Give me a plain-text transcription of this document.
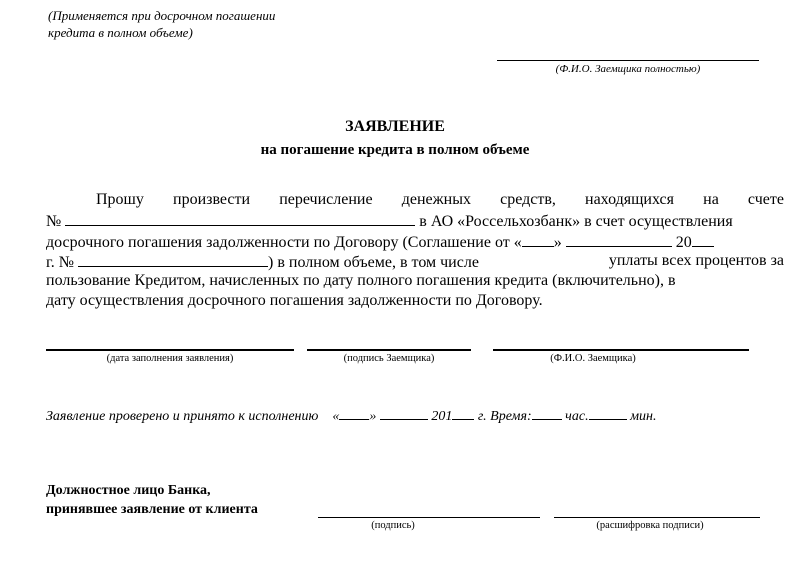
(Применяется при досрочном погашении
кредита в полном объеме)
(Ф.И.О. Заемщика полностью)
ЗАЯВЛЕНИЕ
на погашение кредита в полном объеме
Прошу произвести перечисление денежных средств, находящихся на счете
№	в АО «Россельхозбанк» в счет осуществления
досрочного погашения задолженности по Договору (Соглашение от « »	20
г. №	) в полном объеме, в том числе	уплаты всех процентов за
пользование Кредитом, начисленных по дату полного погашения кредита (включительно), в
дату осуществления досрочного погашения задолженности по Договору.
(дата заполнения заявления)	(подпись Заемщика)	(Ф.И.О. Заемщика)
Заявление проверено и принято к исполнению « »	201 г. Время: час.	мин.
Должностное лицо Банка,
принявшее заявление от клиента
(подпись)	(расшифровка подписи)
